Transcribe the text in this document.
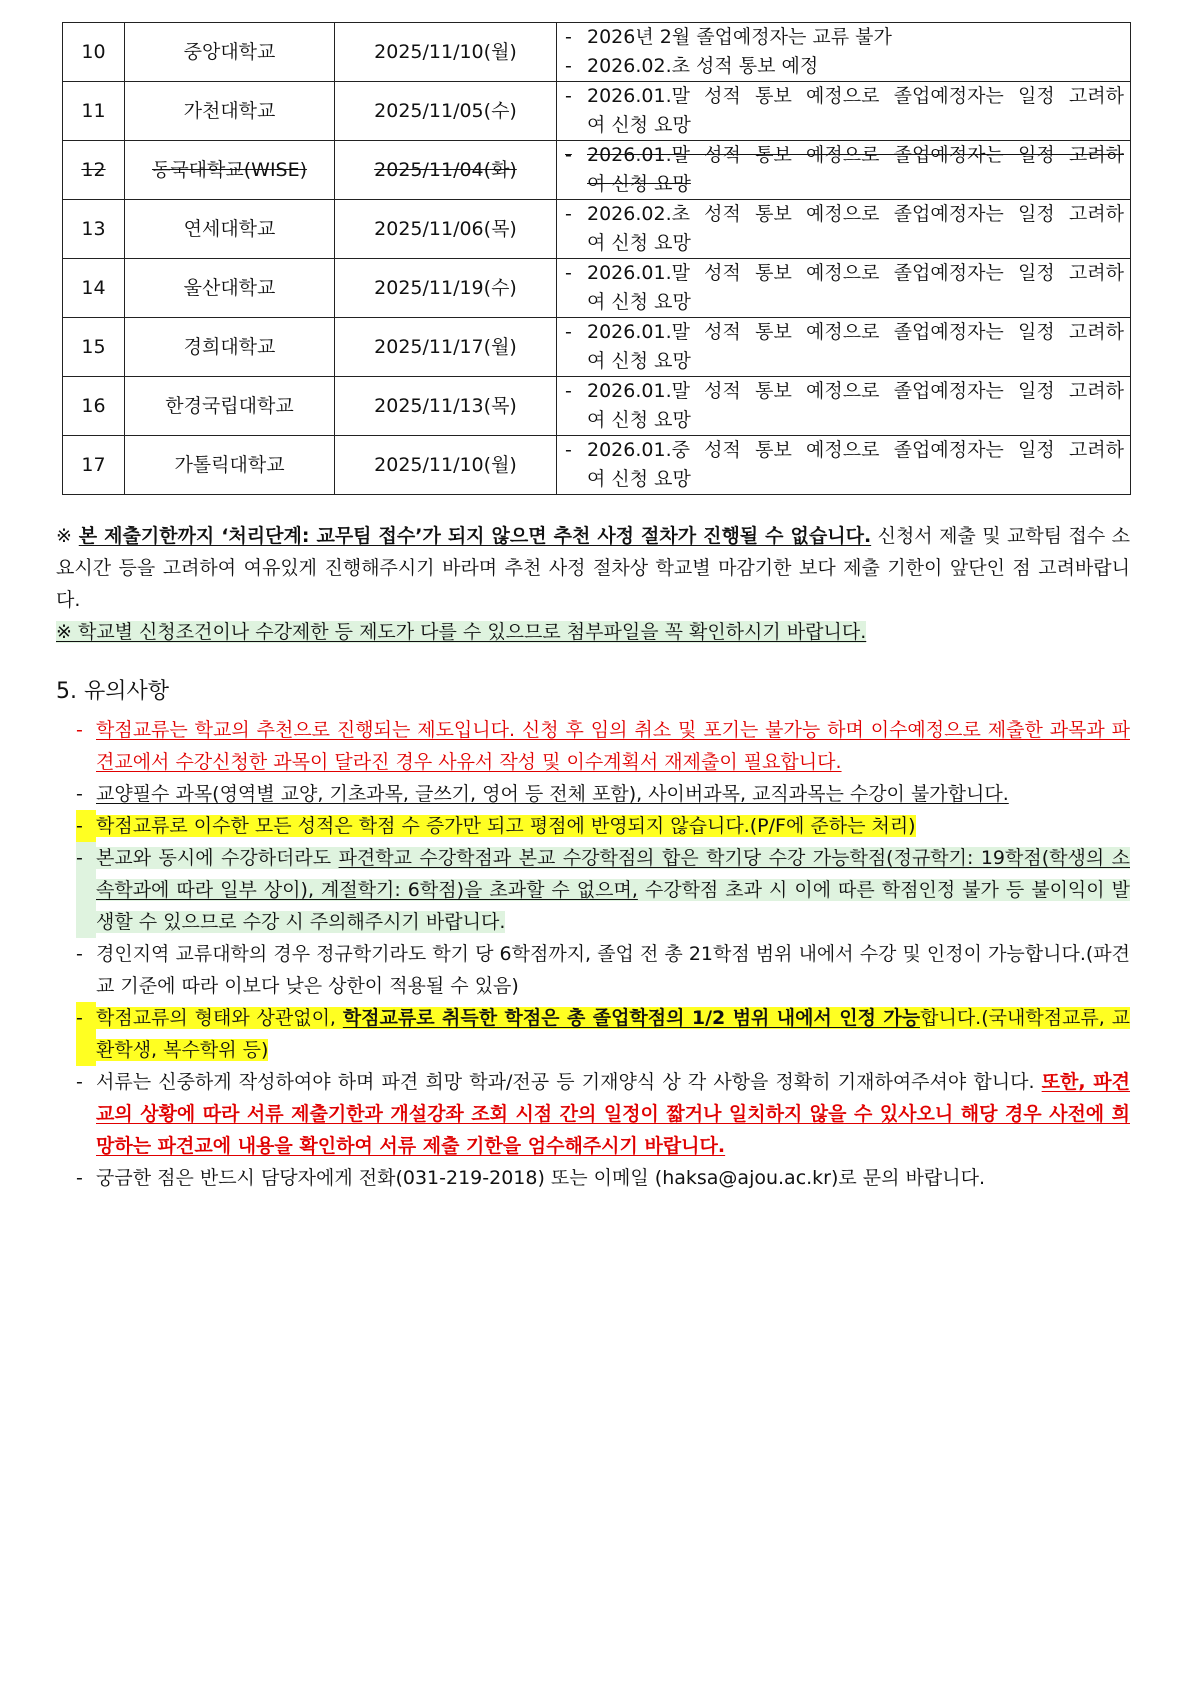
10	중앙대학교	2025/11/10(월)	- 2026년 2월 졸업예정자는 교류 불가
- 2026.02.초 성적 통보 예정

11	가천대학교	2025/11/05(수)	- 2026.01.말 성적 통보 예정으로 졸업예정자는 일정 고려하
여 신청 요망

12	동국대학교(WISE)	2025/11/04(화)	- 2026.01.말 성적 통보 예정으로 졸업예정자는 일정 고려하
여 신청 요망

13	연세대학교	2025/11/06(목)	- 2026.02.초 성적 통보 예정으로 졸업예정자는 일정 고려하
여 신청 요망

14	울산대학교	2025/11/19(수)	- 2026.01.말 성적 통보 예정으로 졸업예정자는 일정 고려하
여 신청 요망

15	경희대학교	2025/11/17(월)	- 2026.01.말 성적 통보 예정으로 졸업예정자는 일정 고려하
여 신청 요망

16	한경국립대학교	2025/11/13(목)	- 2026.01.말 성적 통보 예정으로 졸업예정자는 일정 고려하
여 신청 요망

17	가톨릭대학교	2025/11/10(월)	- 2026.01.중 성적 통보 예정으로 졸업예정자는 일정 고려하
여 신청 요망
※ 본 제출기한까지 ‘처리단계: 교무팀 접수’가 되지 않으면 추천 사정 절차가 진행될 수 없습니다. 신청서 제출 및 교학팀 접수 소요시간 등을 고려하여 여유있게 진행해주시기 바라며 추천 사정 절차상 학교별 마감기한 보다 제출 기한이 앞단인 점 고려바랍니다.
※ 학교별 신청조건이나 수강제한 등 제도가 다를 수 있으므로 첨부파일을 꼭 확인하시기 바랍니다.
5. 유의사항
- 학점교류는 학교의 추천으로 진행되는 제도입니다. 신청 후 임의 취소 및 포기는 불가능 하며 이수예정으로 제출한 과목과 파견교에서 수강신청한 과목이 달라진 경우 사유서 작성 및 이수계획서 재제출이 필요합니다.
- 교양필수 과목(영역별 교양, 기초과목, 글쓰기, 영어 등 전체 포함), 사이버과목, 교직과목는 수강이 불가합니다.
- 학점교류로 이수한 모든 성적은 학점 수 증가만 되고 평점에 반영되지 않습니다.(P/F에 준하는 처리)
- 본교와 동시에 수강하더라도 파견학교 수강학점과 본교 수강학점의 합은 학기당 수강 가능학점(정규학기: 19학점(학생의 소속학과에 따라 일부 상이), 계절학기: 6학점)을 초과할 수 없으며, 수강학점 초과 시 이에 따른 학점인정 불가 등 불이익이 발생할 수 있으므로 수강 시 주의해주시기 바랍니다.
- 경인지역 교류대학의 경우 정규학기라도 학기 당 6학점까지, 졸업 전 총 21학점 범위 내에서 수강 및 인정이 가능합니다.(파견교 기준에 따라 이보다 낮은 상한이 적용될 수 있음)
- 학점교류의 형태와 상관없이, 학점교류로 취득한 학점은 총 졸업학점의 1/2 범위 내에서 인정 가능합니다.(국내학점교류, 교환학생, 복수학위 등)
- 서류는 신중하게 작성하여야 하며 파견 희망 학과/전공 등 기재양식 상 각 사항을 정확히 기재하여주셔야 합니다. 또한, 파견교의 상황에 따라 서류 제출기한과 개설강좌 조회 시점 간의 일정이 짧거나 일치하지 않을 수 있사오니 해당 경우 사전에 희망하는 파견교에 내용을 확인하여 서류 제출 기한을 엄수해주시기 바랍니다.
- 궁금한 점은 반드시 담당자에게 전화(031-219-2018) 또는 이메일 (haksa@ajou.ac.kr)로 문의 바랍니다.
